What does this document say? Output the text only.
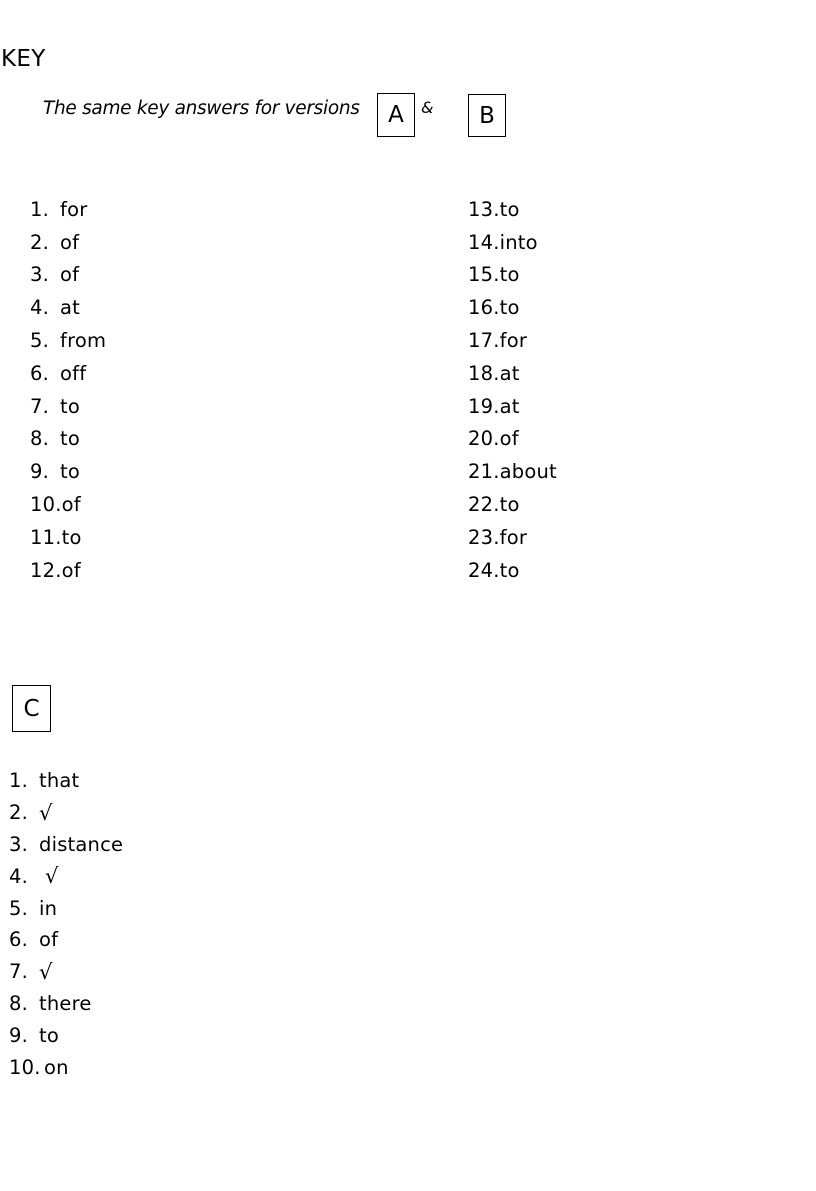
KEY
The same key answers for versions	A	&	B
1. for
2. of
3. of
4. at
5. from
6. off
7. to
8. to
9. to
10. of
11. to
12. of
13. to
14. into
15. to
16. to
17. for
18. at
19. at
20. of
21. about
22. to
23. for
24. to
C
1. that
2. √
3. distance
4. √
5. in
6. of
7. √
8. there
9. to
10. on
